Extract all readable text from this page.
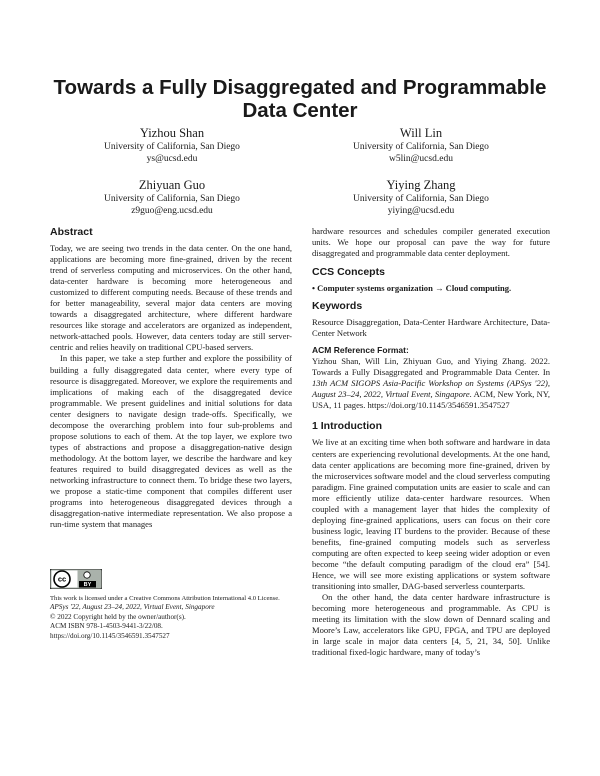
Towards a Fully Disaggregated and Programmable Data Center
Yizhou Shan
University of California, San Diego
ys@ucsd.edu
Will Lin
University of California, San Diego
w5lin@ucsd.edu
Zhiyuan Guo
University of California, San Diego
z9guo@eng.ucsd.edu
Yiying Zhang
University of California, San Diego
yiying@ucsd.edu
Abstract

Today, we are seeing two trends in the data center. On the one hand, applications are becoming more fine-grained, driven by the recent trend of serverless computing and microservices. On the other hand, data-center hardware is becoming more heterogeneous and customized to different computing needs. Because of these trends and for better manageability, several major data centers are moving towards a disaggregated architecture, where different hardware resources like storage and accelerators are organized as independent, network-attached pools. However, data centers today are still server-centric and relies heavily on traditional CPU-based servers.

In this paper, we take a step further and explore the possibility of building a fully disaggregated data center, where every type of resource is disaggregated. Moreover, we explore the requirements and implications of making each of the disaggregated device programmable. We present guidelines and initial solutions for data center designers to navigate design trade-offs. Specifically, we decompose the overarching problem into four sub-problems and propose solutions to each of them. At the top layer, we explore two types of abstractions and propose a disaggregation-native design methodology. At the bottom layer, we describe the hardware and key features required to build disaggregated devices as well as the networking infrastructure to connect them. To bridge these two layers, we propose a static-time component that compiles different user programs into heterogeneous disaggregated devices through a disaggregation-native intermediate representation. We also propose a run-time system that manages

cc
BY
This work is licensed under a Creative Commons Attribution International 4.0 License.
APSys '22, August 23–24, 2022, Virtual Event, Singapore
© 2022 Copyright held by the owner/author(s).
ACM ISBN 978-1-4503-9441-3/22/08.
https://doi.org/10.1145/3546591.3547527

hardware resources and schedules compiler generated execution units. We hope our proposal can pave the way for future disaggregated and programmable data center deployment.

CCS Concepts
• Computer systems organization → Cloud computing.
Keywords

Resource Disaggregation, Data-Center Hardware Architecture, Data-Center Network

ACM Reference Format:

Yizhou Shan, Will Lin, Zhiyuan Guo, and Yiying Zhang. 2022. Towards a Fully Disaggregated and Programmable Data Center. In 13th ACM SIGOPS Asia-Pacific Workshop on Systems (APSys '22), August 23–24, 2022, Virtual Event, Singapore. ACM, New York, NY, USA, 11 pages. https://doi.org/10.1145/3546591.3547527

1 Introduction

We live at an exciting time when both software and hardware in data centers are experiencing revolutional developments. At the one hand, data center applications are becoming more fine-grained, driven by the microservices software model and the cloud serverless computing paradigm. Fine grained computation units are easier to scale and can more efficiently utilize data-center hardware resources. When coupled with a management layer that hides the complexity of deploying fine-grained applications, users can focus on their core business logic, leaving IT burdens to the provider. Because of these benefits, fine-grained computing models such as serverless computing are often expected to keep seeing wider adoption or even become “the default computing paradigm of the cloud era” [54]. Hence, we will see more existing applications or system software transitioning into smaller, DAG-based serverless counterparts.

On the other hand, the data center hardware infrastructure is becoming more heterogeneous and programmable. As CPU is meeting its limitation with the slow down of Dennard scaling and Moore’s Law, accelerators like GPU, FPGA, and TPU are deployed in large scale in major data centers [4, 5, 21, 34, 50]. Unlike traditional fixed-logic hardware, many of today’s
